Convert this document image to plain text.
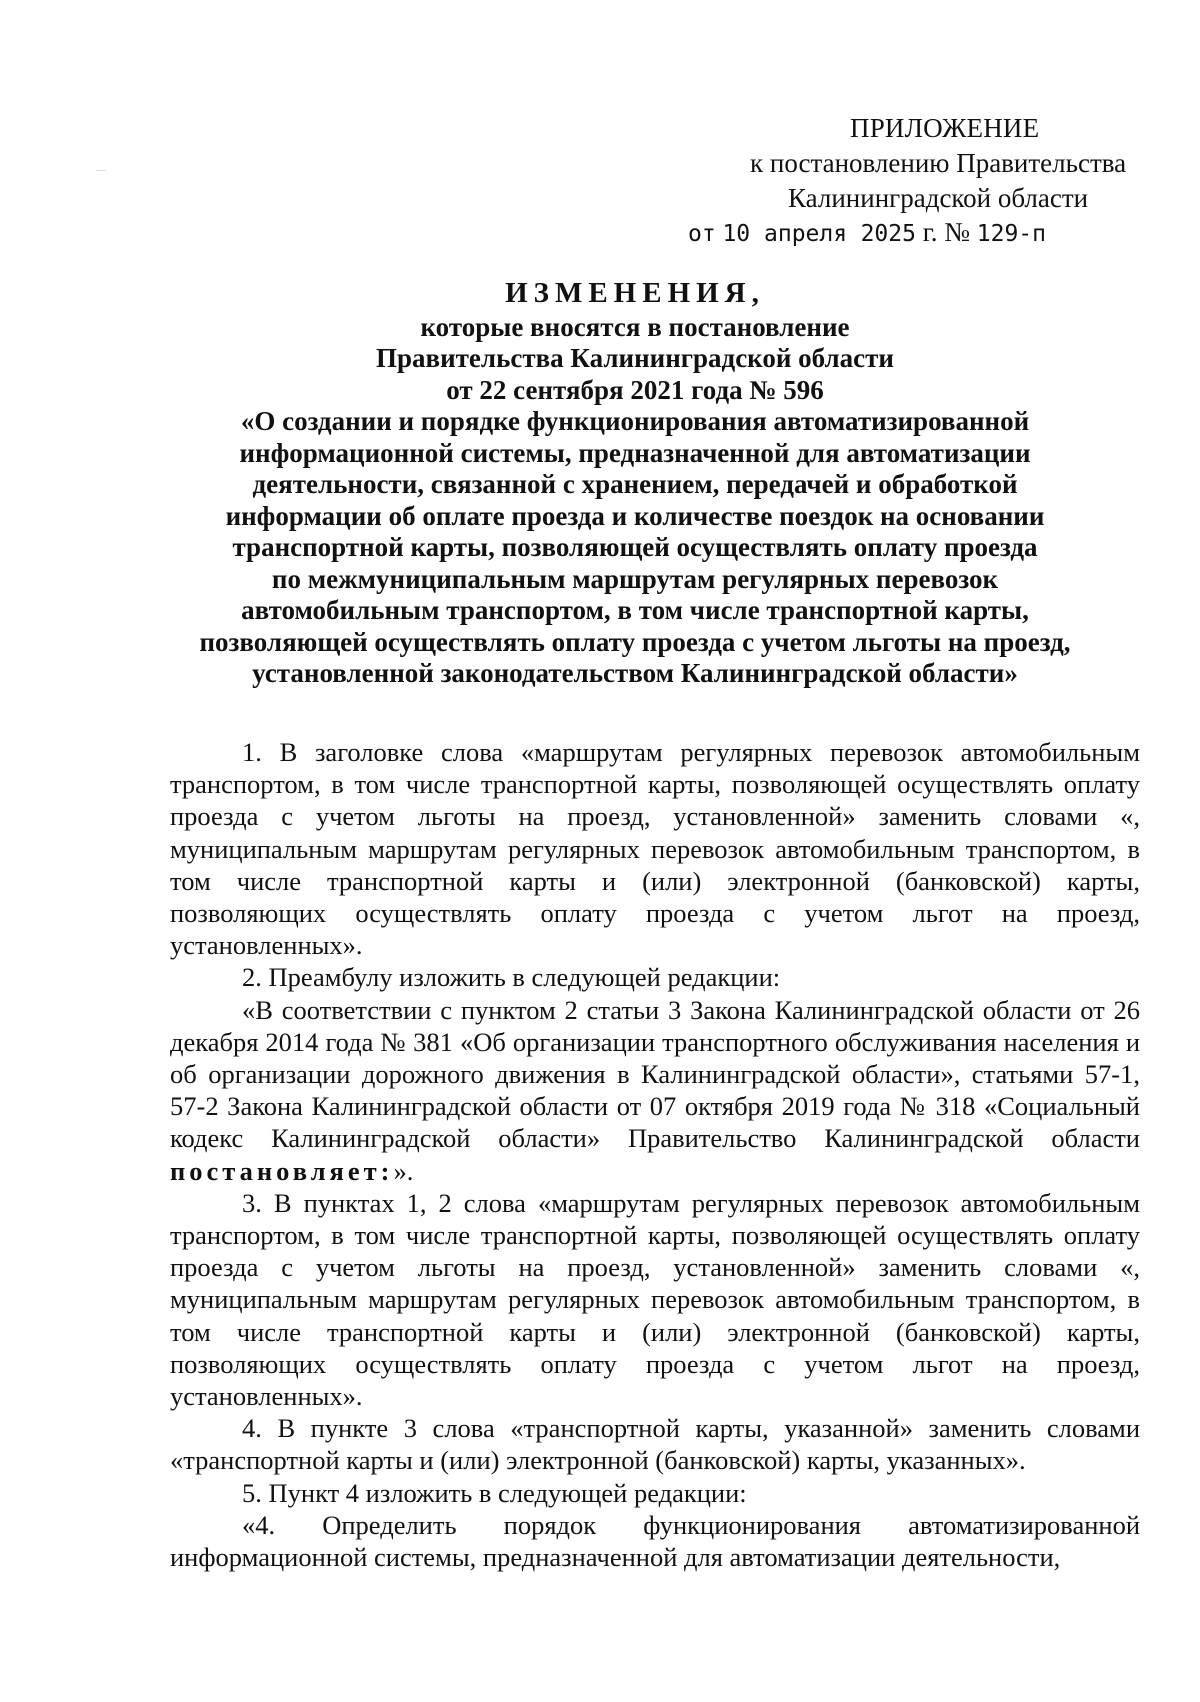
ПРИЛОЖЕНИЕ
к постановлению Правительства
Калининградской области
от 10 апреля 2025 г. № 129-п
ИЗМЕНЕНИЯ,
которые вносятся в постановление
Правительства Калининградской области
от 22 сентября 2021 года № 596
«О создании и порядке функционирования автоматизированной
информационной системы, предназначенной для автоматизации
деятельности, связанной с хранением, передачей и обработкой
информации об оплате проезда и количестве поездок на основании
транспортной карты, позволяющей осуществлять оплату проезда
по межмуниципальным маршрутам регулярных перевозок
автомобильным транспортом, в том числе транспортной карты,
позволяющей осуществлять оплату проезда с учетом льготы на проезд,
установленной законодательством Калининградской области»

1. В заголовке слова «маршрутам регулярных перевозок автомобильным транспортом, в том числе транспортной карты, позволяющей осуществлять оплату проезда с учетом льготы на проезд, установленной» заменить словами «, муниципальным маршрутам регулярных перевозок автомобильным транспортом, в том числе транспортной карты и (или) электронной (банковской) карты, позволяющих осуществлять оплату проезда с учетом льгот на проезд, установленных».

2. Преамбулу изложить в следующей редакции:

«В соответствии с пунктом 2 статьи 3 Закона Калининградской области от 26 декабря 2014 года № 381 «Об организации транспортного обслуживания населения и об организации дорожного движения в Калининградской области», статьями 57-1, 57-2 Закона Калининградской области от 07 октября 2019 года № 318 «Социальный кодекс Калининградской области» Правительство Калининградской области постановляет:».

3. В пунктах 1, 2 слова «маршрутам регулярных перевозок автомобильным транспортом, в том числе транспортной карты, позволяющей осуществлять оплату проезда с учетом льготы на проезд, установленной» заменить словами «, муниципальным маршрутам регулярных перевозок автомобильным транспортом, в том числе транспортной карты и (или) электронной (банковской) карты, позволяющих осуществлять оплату проезда с учетом льгот на проезд, установленных».

4. В пункте 3 слова «транспортной карты, указанной» заменить словами «транспортной карты и (или) электронной (банковской) карты, указанных».

5. Пункт 4 изложить в следующей редакции:

«4. Определить порядок функционирования автоматизированной информационной системы, предназначенной для автоматизации деятельности,
